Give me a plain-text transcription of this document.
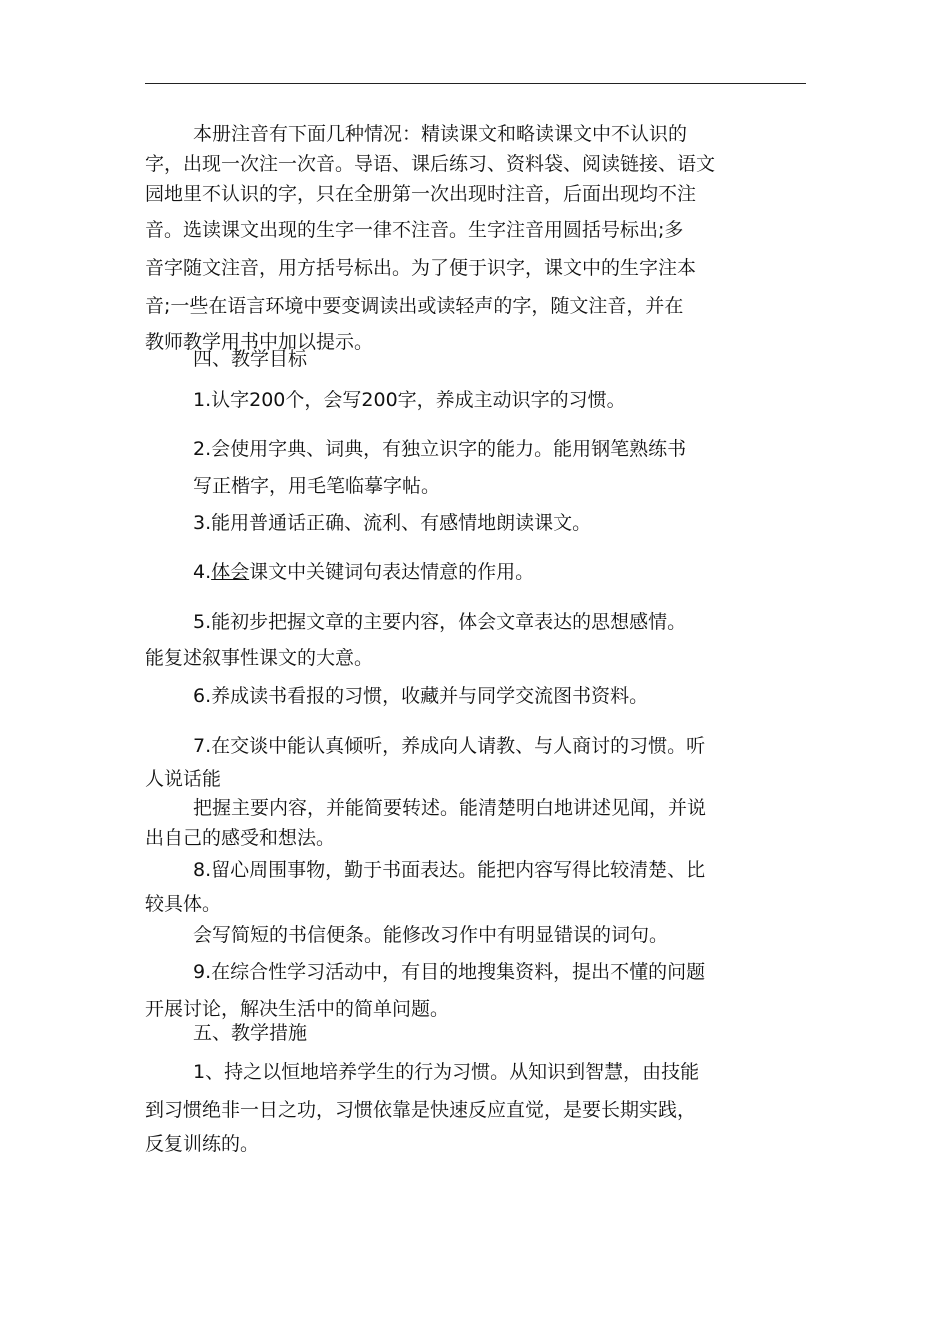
本册注音有下面几种情况：精读课文和略读课文中不认识的
字，出现一次注一次音。导语、课后练习、资料袋、阅读链接、语文
园地里不认识的字，只在全册第一次出现时注音，后面出现均不注
音。选读课文出现的生字一律不注音。生字注音用圆括号标出;多
音字随文注音，用方括号标出。为了便于识字，课文中的生字注本
音;一些在语言环境中要变调读出或读轻声的字，随文注音，并在
教师教学用书中加以提示。
四、教学目标
1.认字200个，会写200字，养成主动识字的习惯。
2.会使用字典、词典，有独立识字的能力。能用钢笔熟练书
写正楷字，用毛笔临摹字帖。
3.能用普通话正确、流利、有感情地朗读课文。
4.体会课文中关键词句表达情意的作用。
5.能初步把握文章的主要内容，体会文章表达的思想感情。
能复述叙事性课文的大意。
6.养成读书看报的习惯，收藏并与同学交流图书资料。
7.在交谈中能认真倾听，养成向人请教、与人商讨的习惯。听
人说话能
把握主要内容，并能简要转述。能清楚明白地讲述见闻，并说
出自己的感受和想法。
8.留心周围事物，勤于书面表达。能把内容写得比较清楚、比
较具体。
会写简短的书信便条。能修改习作中有明显错误的词句。
9.在综合性学习活动中，有目的地搜集资料，提出不懂的问题
开展讨论，解决生活中的简单问题。
五、教学措施
1、持之以恒地培养学生的行为习惯。从知识到智慧，由技能
到习惯绝非一日之功，习惯依靠是快速反应直觉，是要长期实践，
反复训练的。
